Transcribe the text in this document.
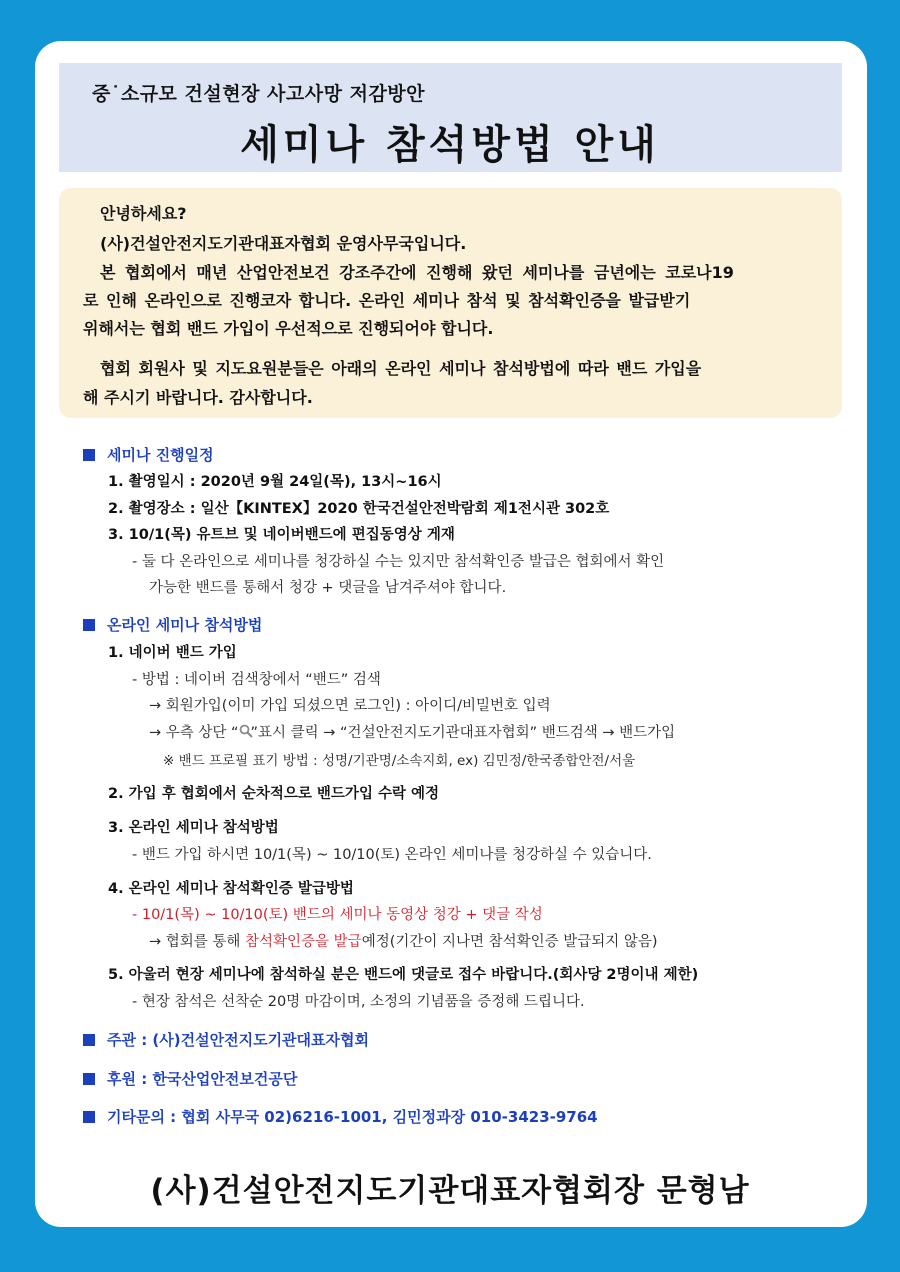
중˙소규모 건설현장 사고사망 저감방안
세미나 참석방법 안내
안녕하세요?
(사)건설안전지도기관대표자협회 운영사무국입니다.
본 협회에서 매년 산업안전보건 강조주간에 진행해 왔던 세미나를 금년에는 코로나19
로 인해 온라인으로 진행코자 합니다. 온라인 세미나 참석 및 참석확인증을 발급받기
위해서는 협회 밴드 가입이 우선적으로 진행되어야 합니다.
협회 회원사 및 지도요원분들은 아래의 온라인 세미나 참석방법에 따라 밴드 가입을
해 주시기 바랍니다. 감사합니다.
세미나 진행일정
1. 촬영일시 : 2020년 9월 24일(목), 13시~16시
2. 촬영장소 : 일산【KINTEX】2020 한국건설안전박람회 제1전시관 302호
3. 10/1(목) 유트브 및 네이버밴드에 편집동영상 게재
- 둘 다 온라인으로 세미나를 청강하실 수는 있지만 참석확인증 발급은 협회에서 확인
가능한 밴드를 통해서 청강 + 댓글을 남겨주셔야 합니다.
온라인 세미나 참석방법
1. 네이버 밴드 가입
- 방법 : 네이버 검색창에서 “밴드” 검색
→ 회원가입(이미 가입 되셨으면 로그인) : 아이디/비밀번호 입력
→ 우측 상단 “ ”표시 클릭 → “건설안전지도기관대표자협회” 밴드검색 → 밴드가입
※ 밴드 프로필 표기 방법 : 성명/기관명/소속지회, ex) 김민정/한국종합안전/서울
2. 가입 후 협회에서 순차적으로 밴드가입 수락 예정
3. 온라인 세미나 참석방법
- 밴드 가입 하시면 10/1(목) ~ 10/10(토) 온라인 세미나를 청강하실 수 있습니다.
4. 온라인 세미나 참석확인증 발급방법
- 10/1(목) ~ 10/10(토) 밴드의 세미나 동영상 청강 + 댓글 작성
→ 협회를 통해 참석확인증을 발급예정(기간이 지나면 참석확인증 발급되지 않음)
5. 아울러 현장 세미나에 참석하실 분은 밴드에 댓글로 접수 바랍니다.(회사당 2명이내 제한)
- 현장 참석은 선착순 20명 마감이며, 소정의 기념품을 증정해 드립니다.
주관 : (사)건설안전지도기관대표자협회
후원 : 한국산업안전보건공단
기타문의 : 협회 사무국 02)6216-1001, 김민정과장 010-3423-9764
(사)건설안전지도기관대표자협회장 문형남
